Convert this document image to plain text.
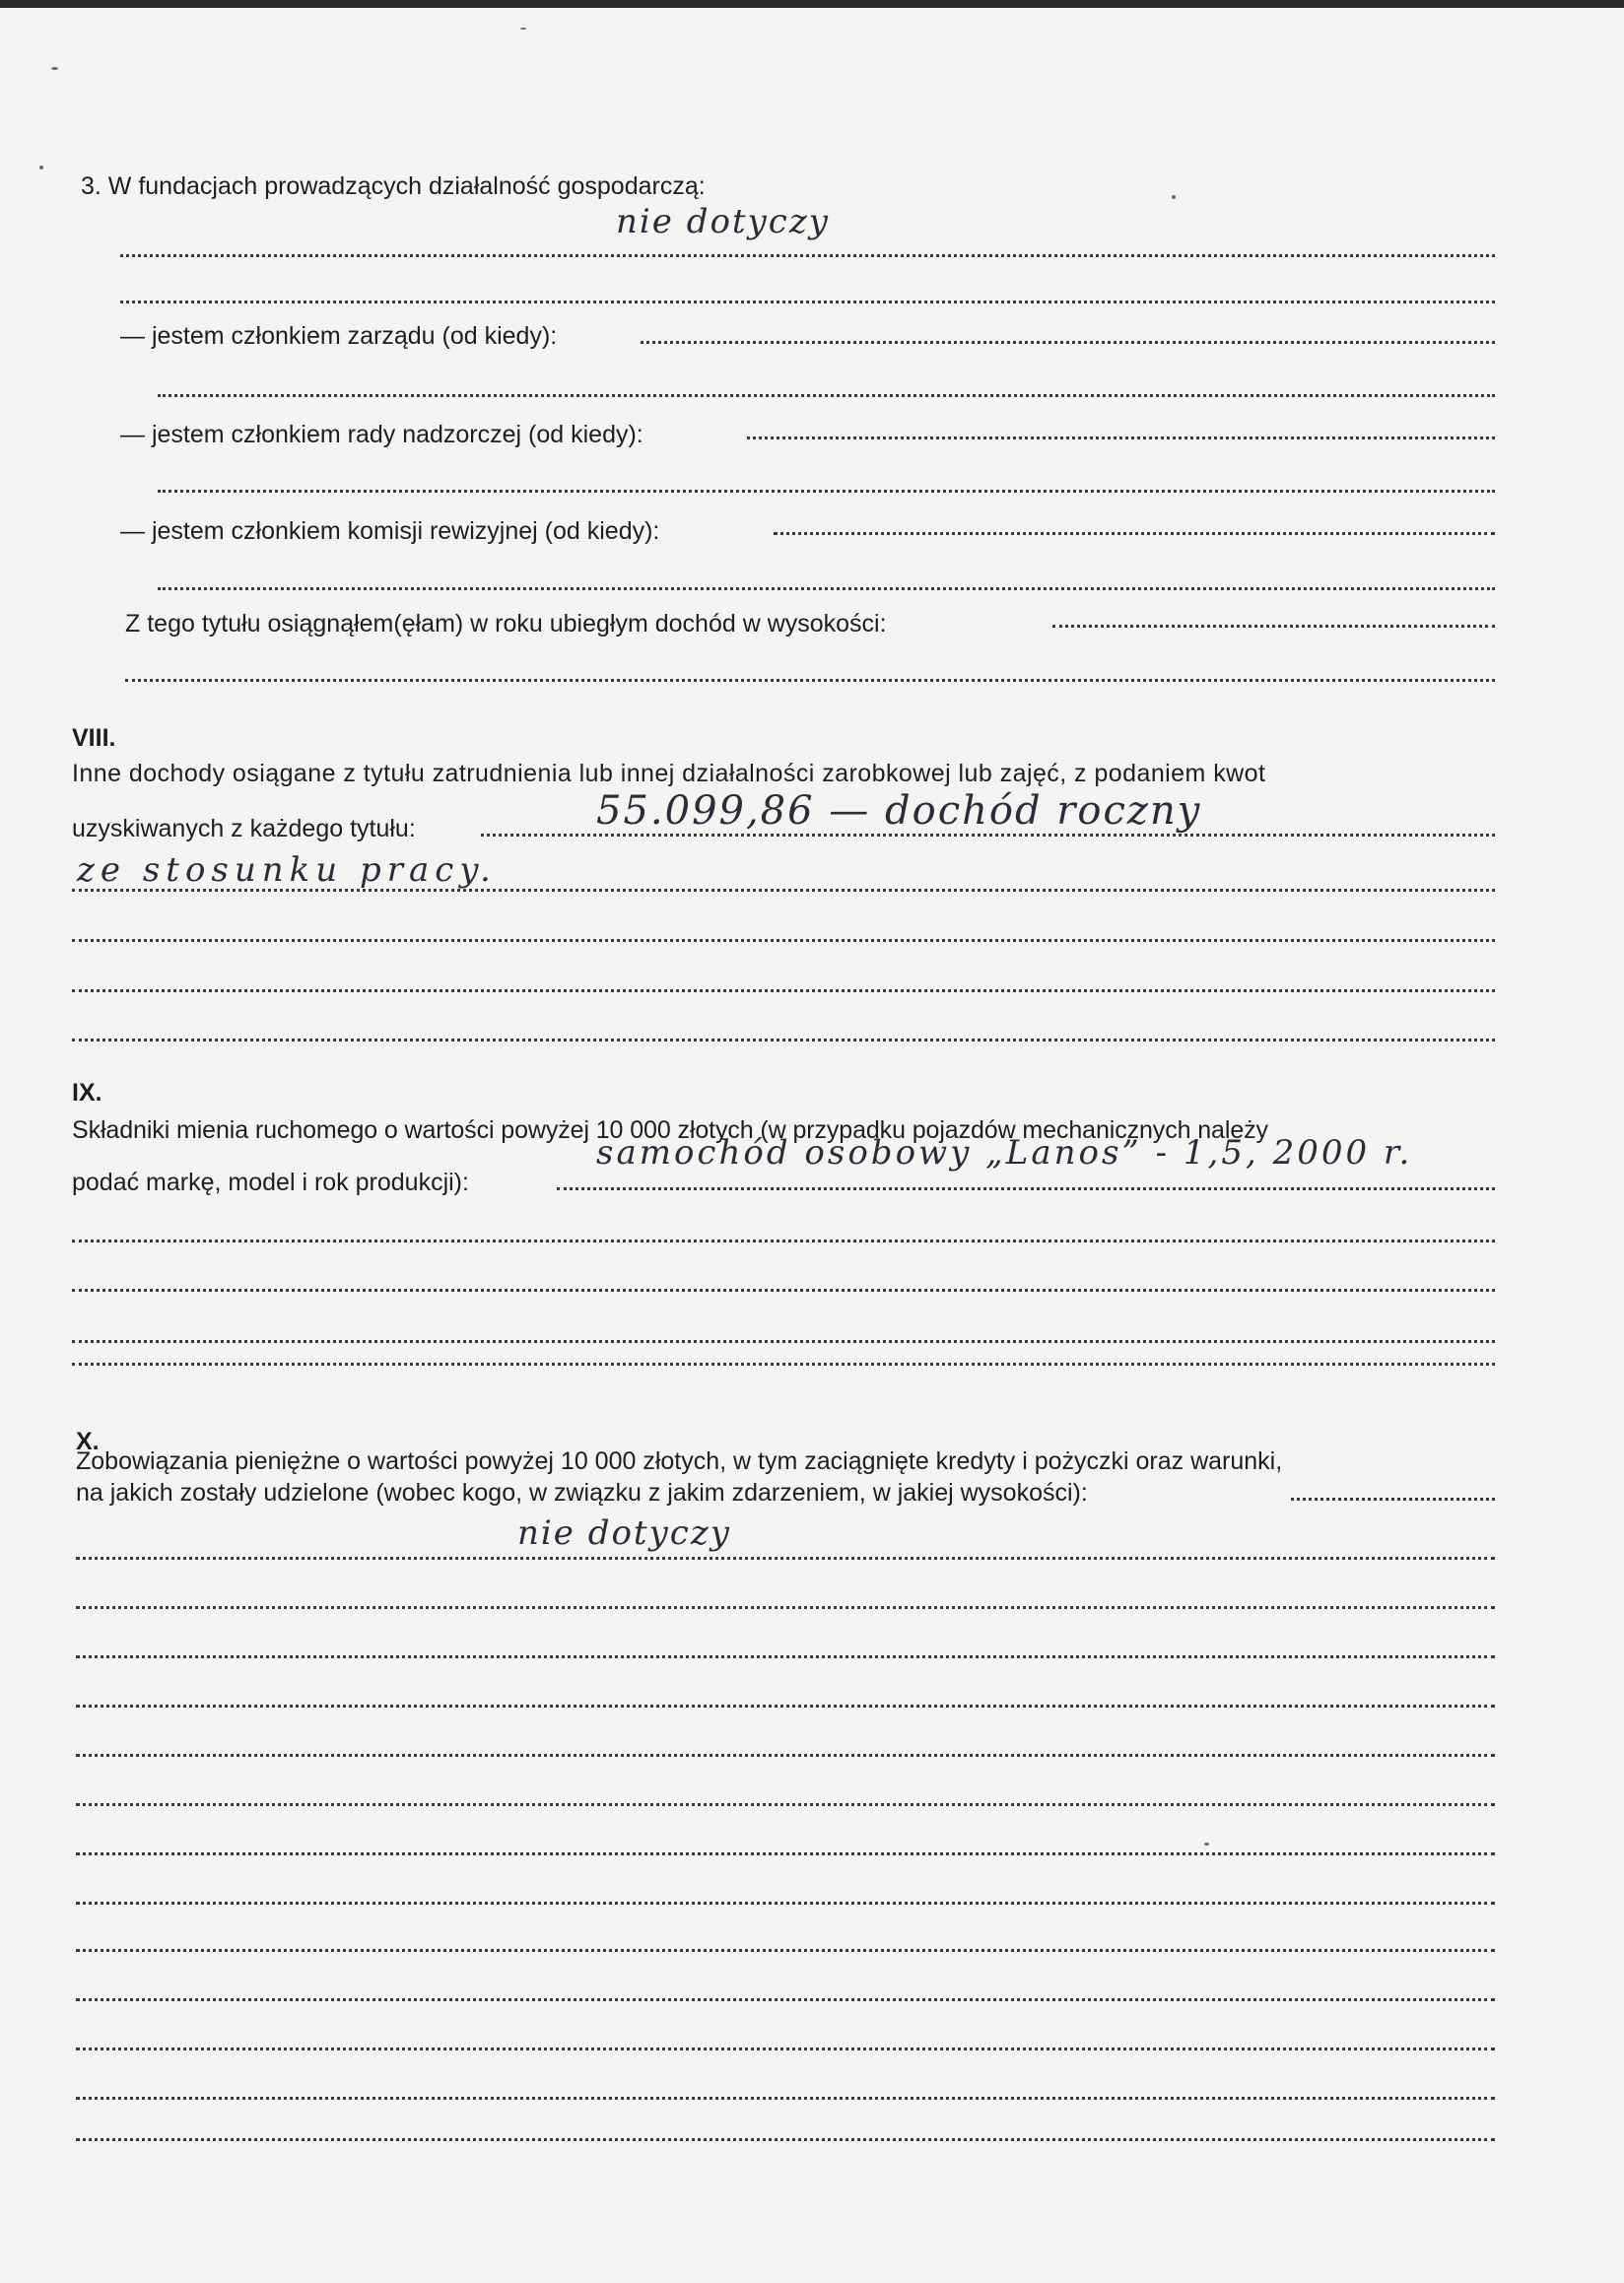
3. W fundacjach prowadzących działalność gospodarczą:
nie dotyczy
— jestem członkiem zarządu (od kiedy):
— jestem członkiem rady nadzorczej (od kiedy):
— jestem członkiem komisji rewizyjnej (od kiedy):
Z tego tytułu osiągnąłem(ęłam) w roku ubiegłym dochód w wysokości:
VIII.
Inne dochody osiągane z tytułu zatrudnienia lub innej działalności zarobkowej lub zajęć, z podaniem kwot
uzyskiwanych z każdego tytułu:	55.099,86 — dochód roczny
ze stosunku pracy.
IX.
Składniki mienia ruchomego o wartości powyżej 10 000 złotych (w przypadku pojazdów mechanicznych należy
podać markę, model i rok produkcji):
samochód osobowy „Lanos” - 1,5, 2000 r.
X.
Zobowiązania pieniężne o wartości powyżej 10 000 złotych, w tym zaciągnięte kredyty i pożyczki oraz warunki,
na jakich zostały udzielone (wobec kogo, w związku z jakim zdarzeniem, w jakiej wysokości):
nie dotyczy
